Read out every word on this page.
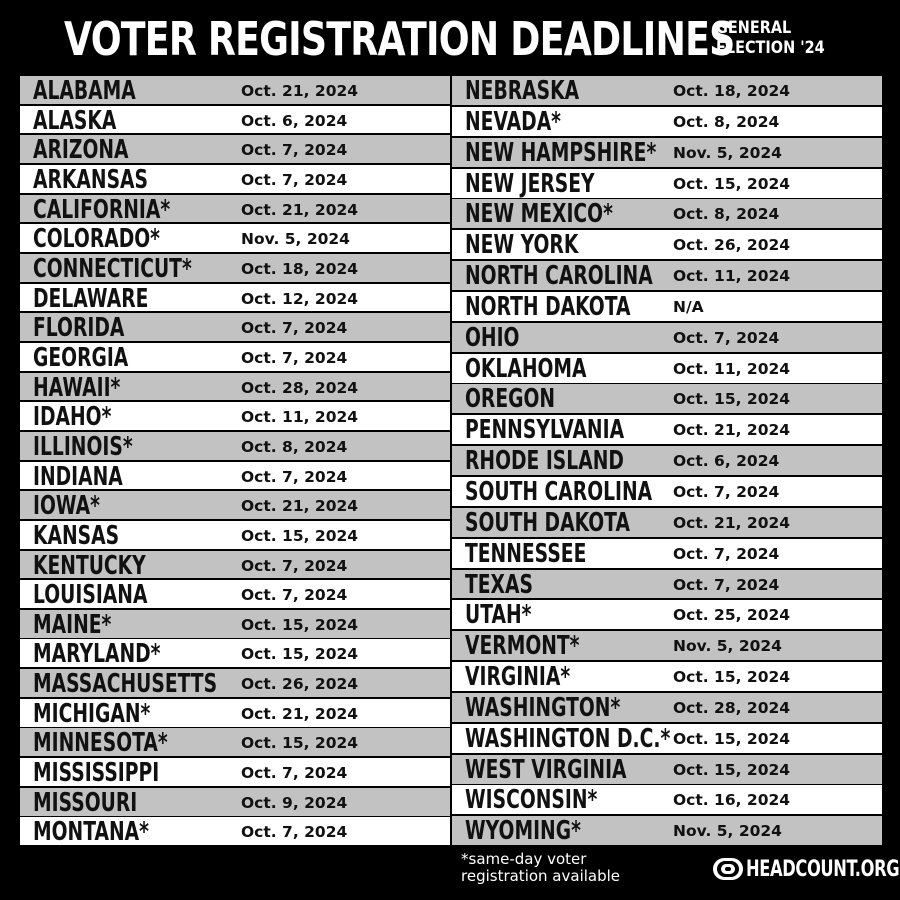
VOTER REGISTRATION DEADLINES
GENERAL
ELECTION '24
ALABAMA	Oct. 21, 2024
ALASKA	Oct. 6, 2024
ARIZONA	Oct. 7, 2024
ARKANSAS	Oct. 7, 2024
CALIFORNIA*	Oct. 21, 2024
COLORADO*	Nov. 5, 2024
CONNECTICUT*	Oct. 18, 2024
DELAWARE	Oct. 12, 2024
FLORIDA	Oct. 7, 2024
GEORGIA	Oct. 7, 2024
HAWAII*	Oct. 28, 2024
IDAHO*	Oct. 11, 2024
ILLINOIS*	Oct. 8, 2024
INDIANA	Oct. 7, 2024
IOWA*	Oct. 21, 2024
KANSAS	Oct. 15, 2024
KENTUCKY	Oct. 7, 2024
LOUISIANA	Oct. 7, 2024
MAINE*	Oct. 15, 2024
MARYLAND*	Oct. 15, 2024
MASSACHUSETTS Oct. 26, 2024
MICHIGAN*	Oct. 21, 2024
MINNESOTA*	Oct. 15, 2024
MISSISSIPPI	Oct. 7, 2024
MISSOURI	Oct. 9, 2024
MONTANA*	Oct. 7, 2024
NEBRASKA	Oct. 18, 2024
NEVADA*	Oct. 8, 2024
NEW HAMPSHIRE* Nov. 5, 2024
NEW JERSEY	Oct. 15, 2024
NEW MEXICO*	Oct. 8, 2024
NEW YORK	Oct. 26, 2024
NORTH CAROLINA Oct. 11, 2024
NORTH DAKOTA	N/A
OHIO	Oct. 7, 2024
OKLAHOMA	Oct. 11, 2024
OREGON	Oct. 15, 2024
PENNSYLVANIA	Oct. 21, 2024
RHODE ISLAND	Oct. 6, 2024
SOUTH CAROLINA Oct. 7, 2024
SOUTH DAKOTA	Oct. 21, 2024
TENNESSEE	Oct. 7, 2024
TEXAS	Oct. 7, 2024
UTAH*	Oct. 25, 2024
VERMONT*	Nov. 5, 2024
VIRGINIA*	Oct. 15, 2024
WASHINGTON*	Oct. 28, 2024
WASHINGTON D.C.* Oct. 15, 2024
WEST VIRGINIA	Oct. 15, 2024
WISCONSIN*	Oct. 16, 2024
WYOMING*	Nov. 5, 2024
*same-day voter
registration available	HEADCOUNT.ORG
